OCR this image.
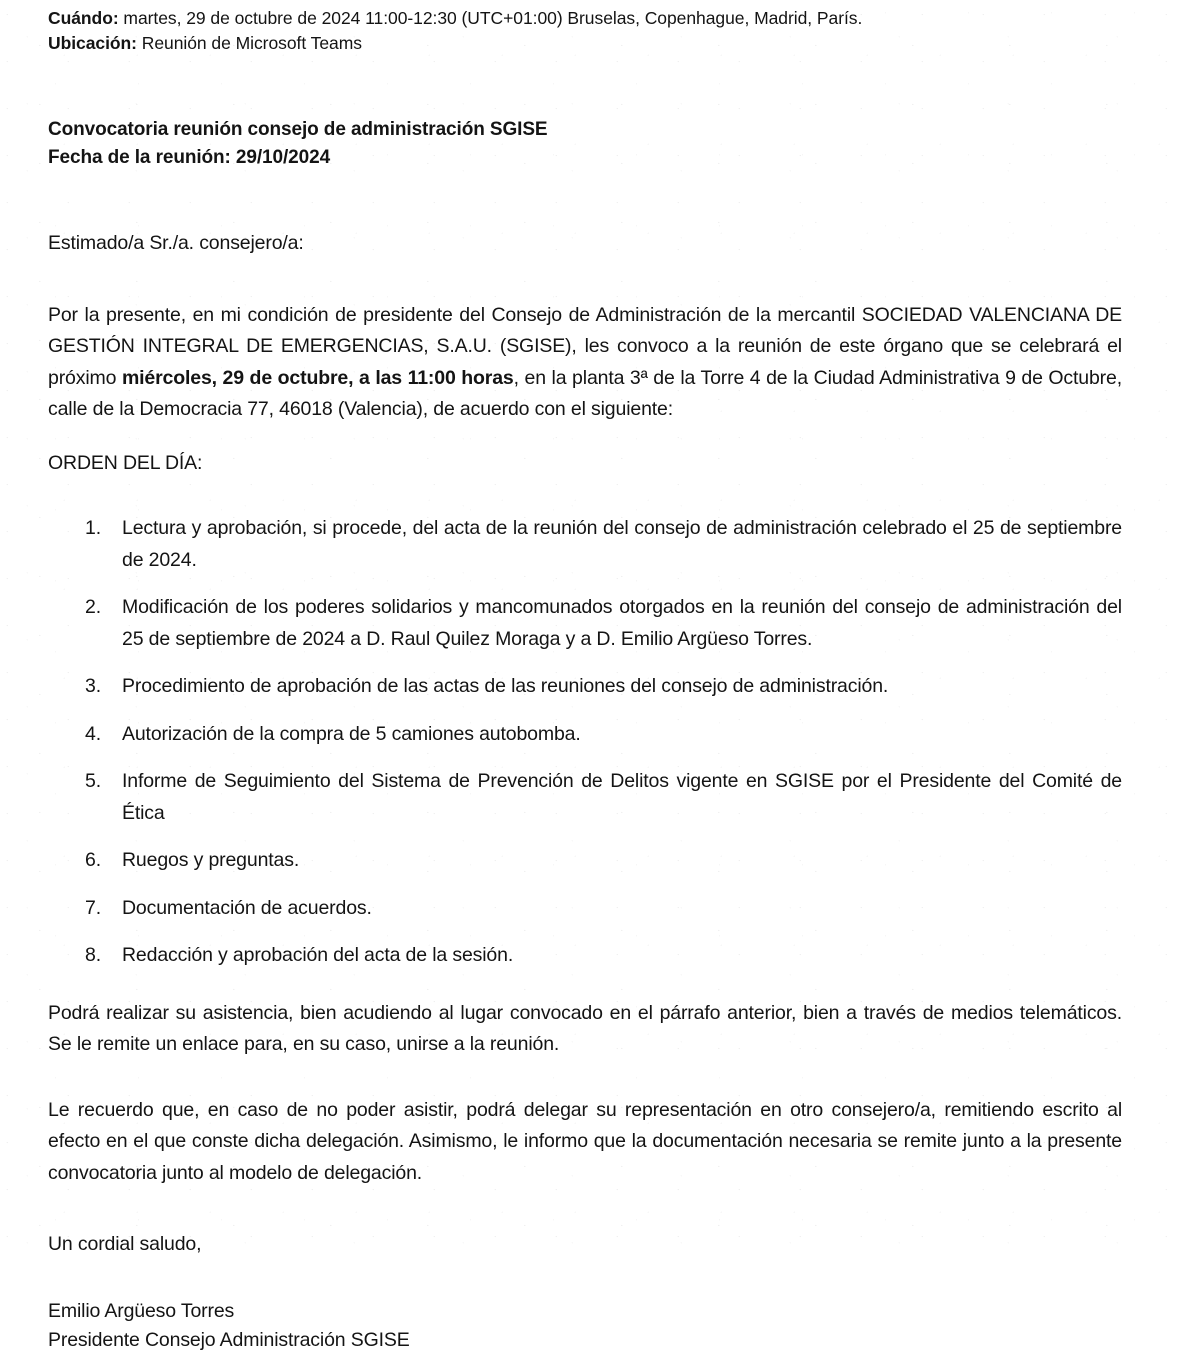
Cuándo: martes, 29 de octubre de 2024 11:00-12:30 (UTC+01:00) Bruselas, Copenhague, Madrid, París.
Ubicación: Reunión de Microsoft Teams
Convocatoria reunión consejo de administración SGISE
Fecha de la reunión: 29/10/2024

Estimado/a Sr./a. consejero/a:

Por la presente, en mi condición de presidente del Consejo de Administración de la mercantil SOCIEDAD VALENCIANA DE GESTIÓN INTEGRAL DE EMERGENCIAS, S.A.U. (SGISE), les convoco a la reunión de este órgano que se celebrará el próximo miércoles, 29 de octubre, a las 11:00 horas, en la planta 3ª de la Torre 4 de la Ciudad Administrativa 9 de Octubre, calle de la Democracia 77, 46018 (Valencia), de acuerdo con el siguiente:

ORDEN DEL DÍA:

Lectura y aprobación, si procede, del acta de la reunión del consejo de administración celebrado el 25 de septiembre de 2024.
Modificación de los poderes solidarios y mancomunados otorgados en la reunión del consejo de administración del 25 de septiembre de 2024 a D. Raul Quilez Moraga y a D. Emilio Argüeso Torres.
Procedimiento de aprobación de las actas de las reuniones del consejo de administración.
Autorización de la compra de 5 camiones autobomba.
Informe de Seguimiento del Sistema de Prevención de Delitos vigente en SGISE por el Presidente del Comité de Ética
Ruegos y preguntas.
Documentación de acuerdos.
Redacción y aprobación del acta de la sesión.

Podrá realizar su asistencia, bien acudiendo al lugar convocado en el párrafo anterior, bien a través de medios telemáticos. Se le remite un enlace para, en su caso, unirse a la reunión.

Le recuerdo que, en caso de no poder asistir, podrá delegar su representación en otro consejero/a, remitiendo escrito al efecto en el que conste dicha delegación. Asimismo, le informo que la documentación necesaria se remite junto a la presente convocatoria junto al modelo de delegación.

Un cordial saludo,

Emilio Argüeso Torres
Presidente Consejo Administración SGISE
